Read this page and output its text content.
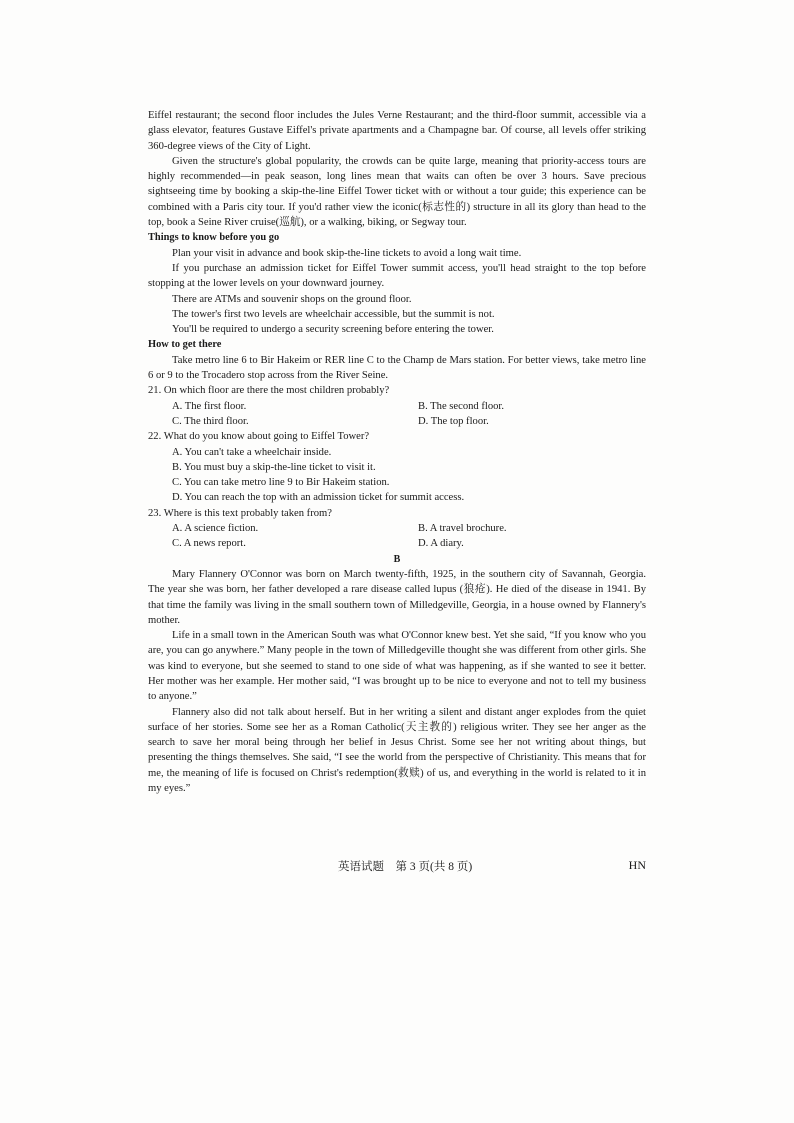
Eiffel restaurant; the second floor includes the Jules Verne Restaurant; and the third-floor summit, accessible via a glass elevator, features Gustave Eiffel's private apartments and a Champagne bar. Of course, all levels offer striking 360-degree views of the City of Light.

Given the structure's global popularity, the crowds can be quite large, meaning that priority-access tours are highly recommended—in peak season, long lines mean that waits can often be over 3 hours. Save precious sightseeing time by booking a skip-the-line Eiffel Tower ticket with or without a tour guide; this experience can be combined with a Paris city tour. If you'd rather view the iconic(标志性的) structure in all its glory than head to the top, book a Seine River cruise(巡航), or a walking, biking, or Segway tour.

Things to know before you go

Plan your visit in advance and book skip-the-line tickets to avoid a long wait time.

If you purchase an admission ticket for Eiffel Tower summit access, you'll head straight to the top before stopping at the lower levels on your downward journey.

There are ATMs and souvenir shops on the ground floor.

The tower's first two levels are wheelchair accessible, but the summit is not.

You'll be required to undergo a security screening before entering the tower.

How to get there

Take metro line 6 to Bir Hakeim or RER line C to the Champ de Mars station. For better views, take metro line 6 or 9 to the Trocadero stop across from the River Seine.

21. On which floor are there the most children probably?

A. The first floor.	B. The second floor.
C. The third floor.	D. The top floor.

22. What do you know about going to Eiffel Tower?

A. You can't take a wheelchair inside.
B. You must buy a skip-the-line ticket to visit it.
C. You can take metro line 9 to Bir Hakeim station.
D. You can reach the top with an admission ticket for summit access.

23. Where is this text probably taken from?

A. A science fiction.	B. A travel brochure.
C. A news report.	D. A diary.

B

Mary Flannery O'Connor was born on March twenty-fifth, 1925, in the southern city of Savannah, Georgia. The year she was born, her father developed a rare disease called lupus (狼疮). He died of the disease in 1941. By that time the family was living in the small southern town of Milledgeville, Georgia, in a house owned by Flannery's mother.

Life in a small town in the American South was what O'Connor knew best. Yet she said, “If you know who you are, you can go anywhere.” Many people in the town of Milledgeville thought she was different from other girls. She was kind to everyone, but she seemed to stand to one side of what was happening, as if she wanted to see it better. Her mother was her example. Her mother said, “I was brought up to be nice to everyone and not to tell my business to anyone.”

Flannery also did not talk about herself. But in her writing a silent and distant anger explodes from the quiet surface of her stories. Some see her as a Roman Catholic(天主教的) religious writer. They see her anger as the search to save her moral being through her belief in Jesus Christ. Some see her not writing about things, but presenting the things themselves. She said, “I see the world from the perspective of Christianity. This means that for me, the meaning of life is focused on Christ's redemption(救赎) of us, and everything in the world is related to it in my eyes.”

英语试题　第 3 页(共 8 页)	HN
